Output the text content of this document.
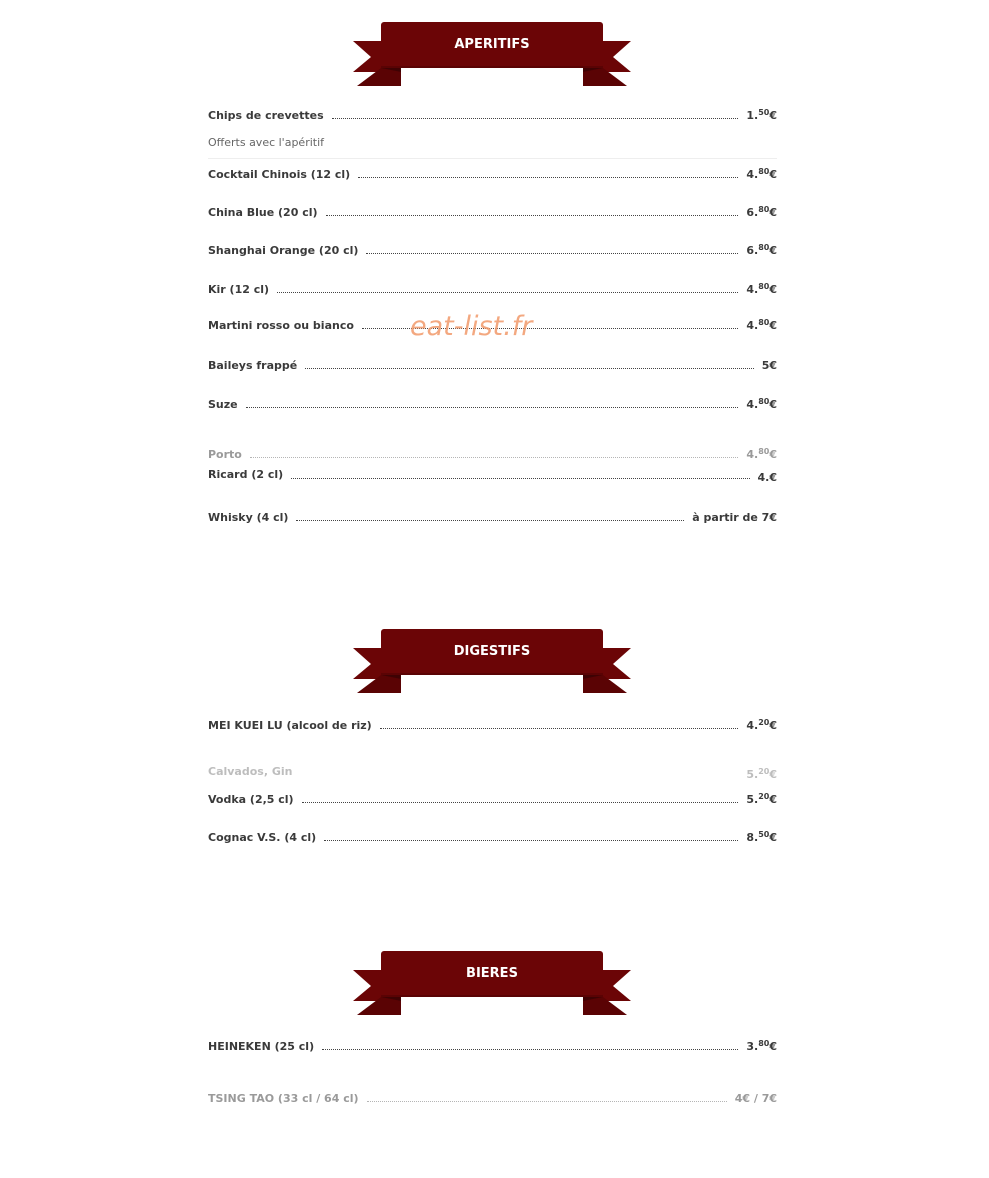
APERITIFS
Chips de crevettes	1.50€
Offerts avec l'apéritif
Cocktail Chinois (12 cl)	4.80€
China Blue (20 cl)	6.80€
Shanghai Orange (20 cl)	6.80€
Kir (12 cl)	4.80€
Martini rosso ou bianco	4.80€
Baileys frappé	5€
Suze	4.80€
Porto	4.80€
Ricard (2 cl)	4.€
Whisky (4 cl)	à partir de 7€
eat-list.fr
DIGESTIFS
MEI KUEI LU (alcool de riz)	4.20€
Calvados, Gin	5.20€
Vodka (2,5 cl)	5.20€
Cognac V.S. (4 cl)	8.50€
BIERES
HEINEKEN (25 cl)	3.80€
TSING TAO (33 cl / 64 cl)	4€ / 7€
